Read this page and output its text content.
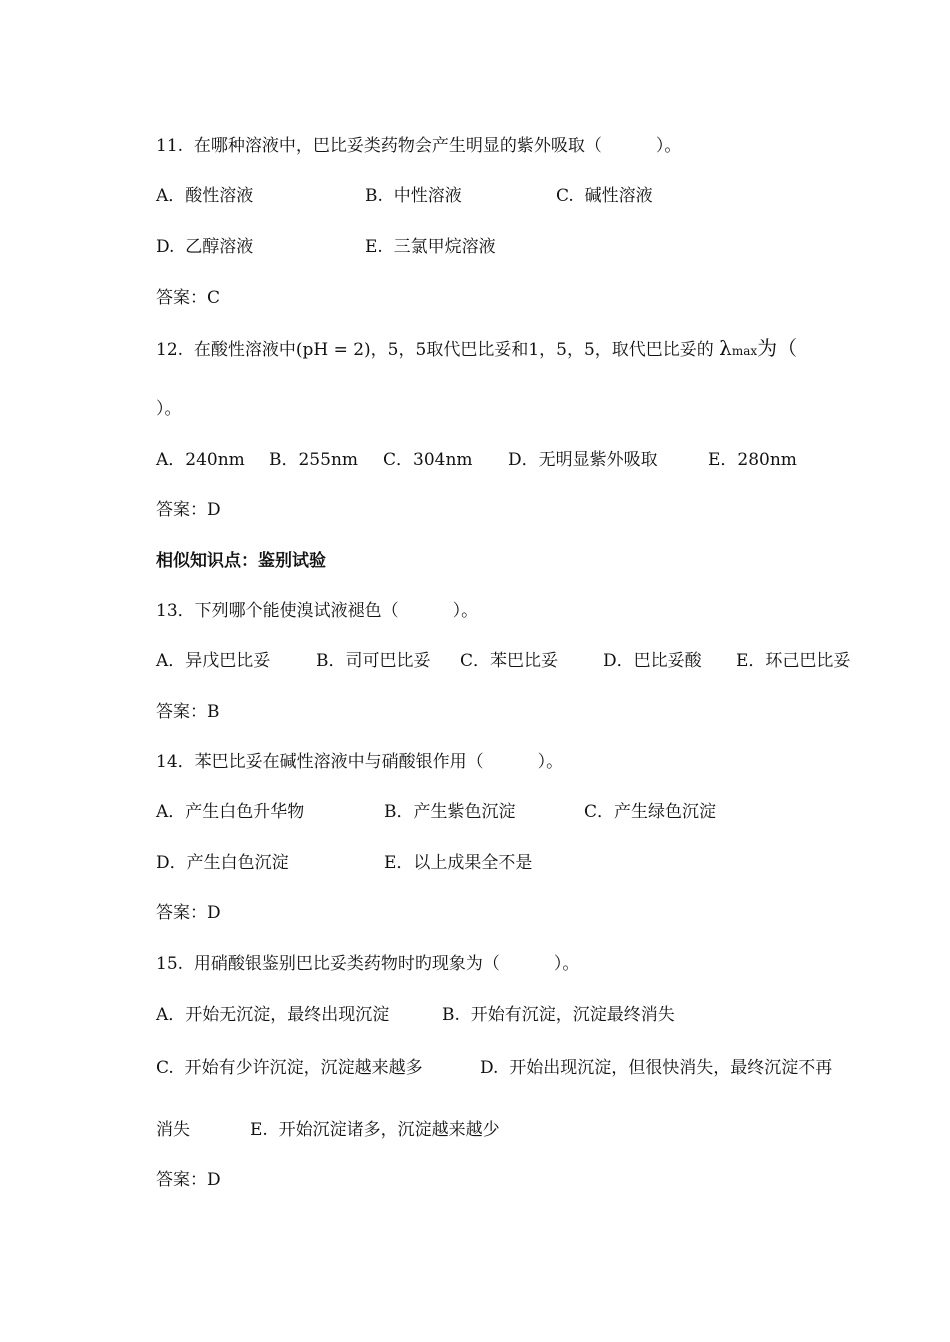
11.  在哪种溶液中，巴比妥类药物会产生明显的紫外吸取（          ）。

A．酸性溶液

	B.  中性溶液

	C.  碱性溶液

D.  乙醇溶液

	E.  三氯甲烷溶液

答案：C
12.  在酸性溶液中(pH = 2)，5，5取代巴比妥和1，5，5，取代巴比妥的 λmax为（
）。

A．240nm

B．255nm

C．304nm

D．无明显紫外吸取

	E．280nm

答案：D
相似知识点：鉴别试验
13．下列哪个能使溴试液褪色（          ）。

A．异戊巴比妥

	B．司可巴比妥

C．苯巴比妥

	D．巴比妥酸

E．环己巴比妥

答案：B
14．苯巴比妥在碱性溶液中与硝酸银作用（          ）。

A．产生白色升华物

	B．产生紫色沉淀

	C．产生绿色沉淀

D．产生白色沉淀

	E．以上成果全不是

答案：D
15.  用硝酸银鉴别巴比妥类药物时旳现象为（          ）。

A．开始无沉淀，最终出现沉淀

	B.  开始有沉淀，沉淀最终消失

C.  开始有少许沉淀，沉淀越来越多

	D.  开始出现沉淀，但很快消失，最终沉淀不再

消失

	E.  开始沉淀诸多，沉淀越来越少

答案：D
